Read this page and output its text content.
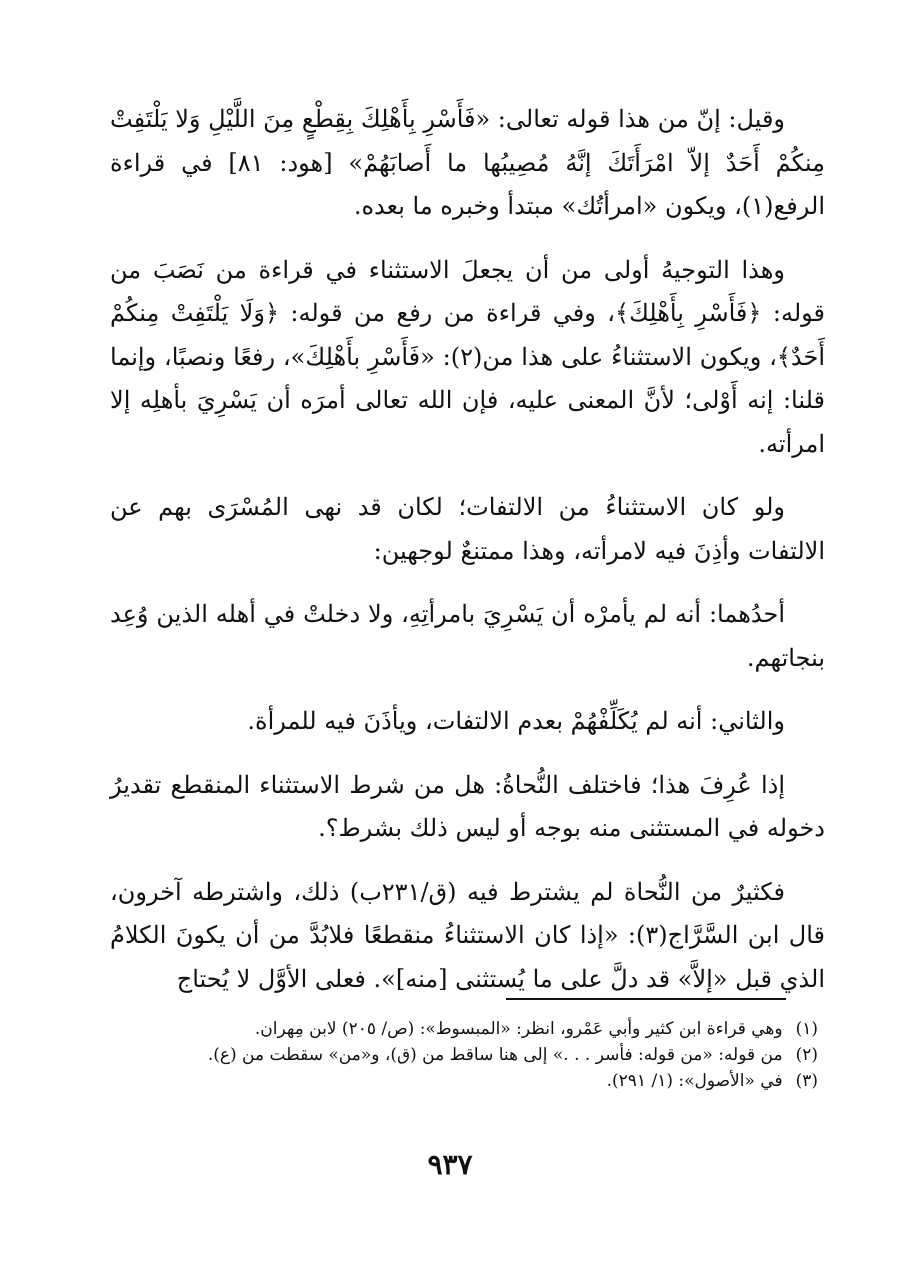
وقيل: إنّ من هذا قوله تعالى: «فَأَسْرِ بِأَهْلِكَ بِقِطْعٍ مِنَ اللَّيْلِ وَلا يَلْتَفِتْ مِنكُمْ أَحَدٌ إلاّ امْرَأَتَكَ إنَّهُ مُصِيبُها ما أَصابَهُمْ» [هود: ٨١] في قراءة الرفع(١)، ويكون «امرأتُك» مبتدأ وخبره ما بعده.

وهذا التوجيهُ أولى من أن يجعلَ الاستثناء في قراءة من نَصَبَ من قوله: ﴿فَأَسْرِ بِأَهْلِكَ﴾، وفي قراءة من رفع من قوله: ﴿وَلَا يَلْتَفِتْ مِنكُمْ أَحَدٌ﴾، ويكون الاستثناءُ على هذا من(٢): «فَأَسْرِ بأَهْلِكَ»، رفعًا ونصبًا، وإنما قلنا: إنه أَوْلى؛ لأنَّ المعنى عليه، فإن الله تعالى أمرَه أن يَسْرِيَ بأهلِه إلا امرأته.

ولو كان الاستثناءُ من الالتفات؛ لكان قد نهى المُسْرَى بهم عن الالتفات وأذِنَ فيه لامرأته، وهذا ممتنعٌ لوجهين:

أحدُهما: أنه لم يأمرْه أن يَسْرِيَ بامرأتِهِ، ولا دخلتْ في أهله الذين وُعِد بنجاتهم.

والثاني: أنه لم يُكَلِّفْهُمْ بعدم الالتفات، ويأذَنَ فيه للمرأة.

إذا عُرِفَ هذا؛ فاختلف النُّحاةُ: هل من شرط الاستثناء المنقطع تقديرُ دخوله في المستثنى منه بوجه أو ليس ذلك بشرط؟.

فكثيرٌ من النُّحاة لم يشترط فيه (ق/٢٣١ب) ذلك، واشترطه آخرون، قال ابن السَّرَّاج(٣): «إذا كان الاستثناءُ منقطعًا فلابُدَّ من أن يكونَ الكلامُ الذي قبل «إلاَّ» قد دلَّ على ما يُستثنى [منه]». فعلى الأوَّل لا يُحتاج

(١) وهي قراءة ابن كثير وأبي عَمْرو، انظر: «المبسوط»: (ص/ ٢٠٥) لابن مِهران.

(٢) من قوله: «من قوله: فأسر . . .» إلى هنا ساقط من (ق)، و«من» سقطت من (ع).

(٣) في «الأصول»: (١/ ٢٩١).

٩٣٧
